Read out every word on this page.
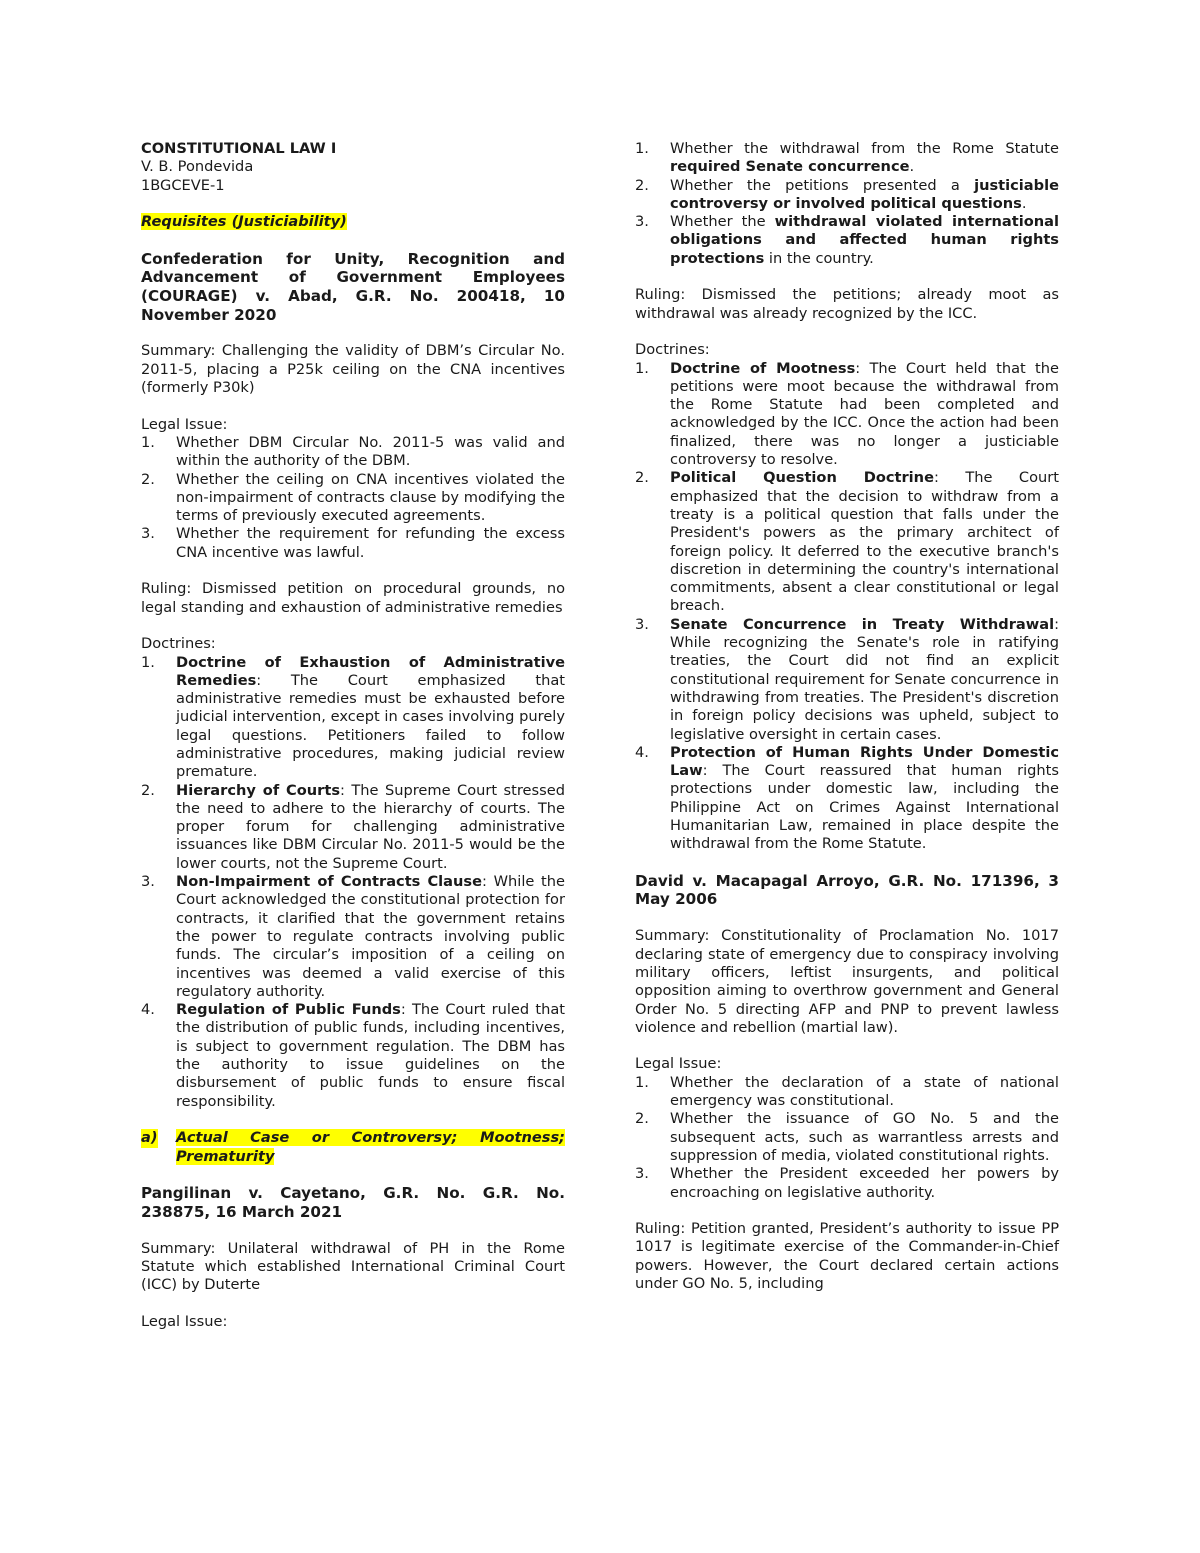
CONSTITUTIONAL LAW I

V. B. Pondevida

1BGCEVE-1

Requisites (Justiciability)

Confederation for Unity, Recognition and Advancement of Government Employees (COURAGE) v. Abad, G.R. No. 200418, 10 November 2020

Summary: Challenging the validity of DBM’s Circular No. 2011-5, placing a P25k ceiling on the CNA incentives (formerly P30k)

Legal Issue:

1. Whether DBM Circular No. 2011-5 was valid and within the authority of the DBM.
2. Whether the ceiling on CNA incentives violated the non-impairment of contracts clause by modifying the terms of previously executed agreements.
3. Whether the requirement for refunding the excess CNA incentive was lawful.

Ruling: Dismissed petition on procedural grounds, no legal standing and exhaustion of administrative remedies

Doctrines:

1. Doctrine of Exhaustion of Administrative Remedies: The Court emphasized that administrative remedies must be exhausted before judicial intervention, except in cases involving purely legal questions. Petitioners failed to follow administrative procedures, making judicial review premature.
2. Hierarchy of Courts: The Supreme Court stressed the need to adhere to the hierarchy of courts. The proper forum for challenging administrative issuances like DBM Circular No. 2011-5 would be the lower courts, not the Supreme Court.
3. Non-Impairment of Contracts Clause: While the Court acknowledged the constitutional protection for contracts, it clarified that the government retains the power to regulate contracts involving public funds. The circular’s imposition of a ceiling on incentives was deemed a valid exercise of this regulatory authority.
4. Regulation of Public Funds: The Court ruled that the distribution of public funds, including incentives, is subject to government regulation. The DBM has the authority to issue guidelines on the disbursement of public funds to ensure fiscal responsibility.
a) Actual Case or Controversy; Mootness; Prematurity

Pangilinan v. Cayetano, G.R. No. G.R. No. 238875, 16 March 2021

Summary: Unilateral withdrawal of PH in the Rome Statute which established International Criminal Court (ICC) by Duterte

Legal Issue:

1. Whether the withdrawal from the Rome Statute required Senate concurrence.
2. Whether the petitions presented a justiciable controversy or involved political questions.
3. Whether the withdrawal violated international obligations and affected human rights protections in the country.

Ruling: Dismissed the petitions; already moot as withdrawal was already recognized by the ICC.

Doctrines:

1. Doctrine of Mootness: The Court held that the petitions were moot because the withdrawal from the Rome Statute had been completed and acknowledged by the ICC. Once the action had been finalized, there was no longer a justiciable controversy to resolve.
2. Political Question Doctrine: The Court emphasized that the decision to withdraw from a treaty is a political question that falls under the President's powers as the primary architect of foreign policy. It deferred to the executive branch's discretion in determining the country's international commitments, absent a clear constitutional or legal breach.
3. Senate Concurrence in Treaty Withdrawal: While recognizing the Senate's role in ratifying treaties, the Court did not find an explicit constitutional requirement for Senate concurrence in withdrawing from treaties. The President's discretion in foreign policy decisions was upheld, subject to legislative oversight in certain cases.
4. Protection of Human Rights Under Domestic Law: The Court reassured that human rights protections under domestic law, including the Philippine Act on Crimes Against International Humanitarian Law, remained in place despite the withdrawal from the Rome Statute.

David v. Macapagal Arroyo, G.R. No. 171396, 3 May 2006

Summary: Constitutionality of Proclamation No. 1017 declaring state of emergency due to conspiracy involving military officers, leftist insurgents, and political opposition aiming to overthrow government and General Order No. 5 directing AFP and PNP to prevent lawless violence and rebellion (martial law).

Legal Issue:

1. Whether the declaration of a state of national emergency was constitutional.
2. Whether the issuance of GO No. 5 and the subsequent acts, such as warrantless arrests and suppression of media, violated constitutional rights.
3. Whether the President exceeded her powers by encroaching on legislative authority.

Ruling: Petition granted, President’s authority to issue PP 1017 is legitimate exercise of the Commander-in-Chief powers. However, the Court declared certain actions under GO No. 5, including
